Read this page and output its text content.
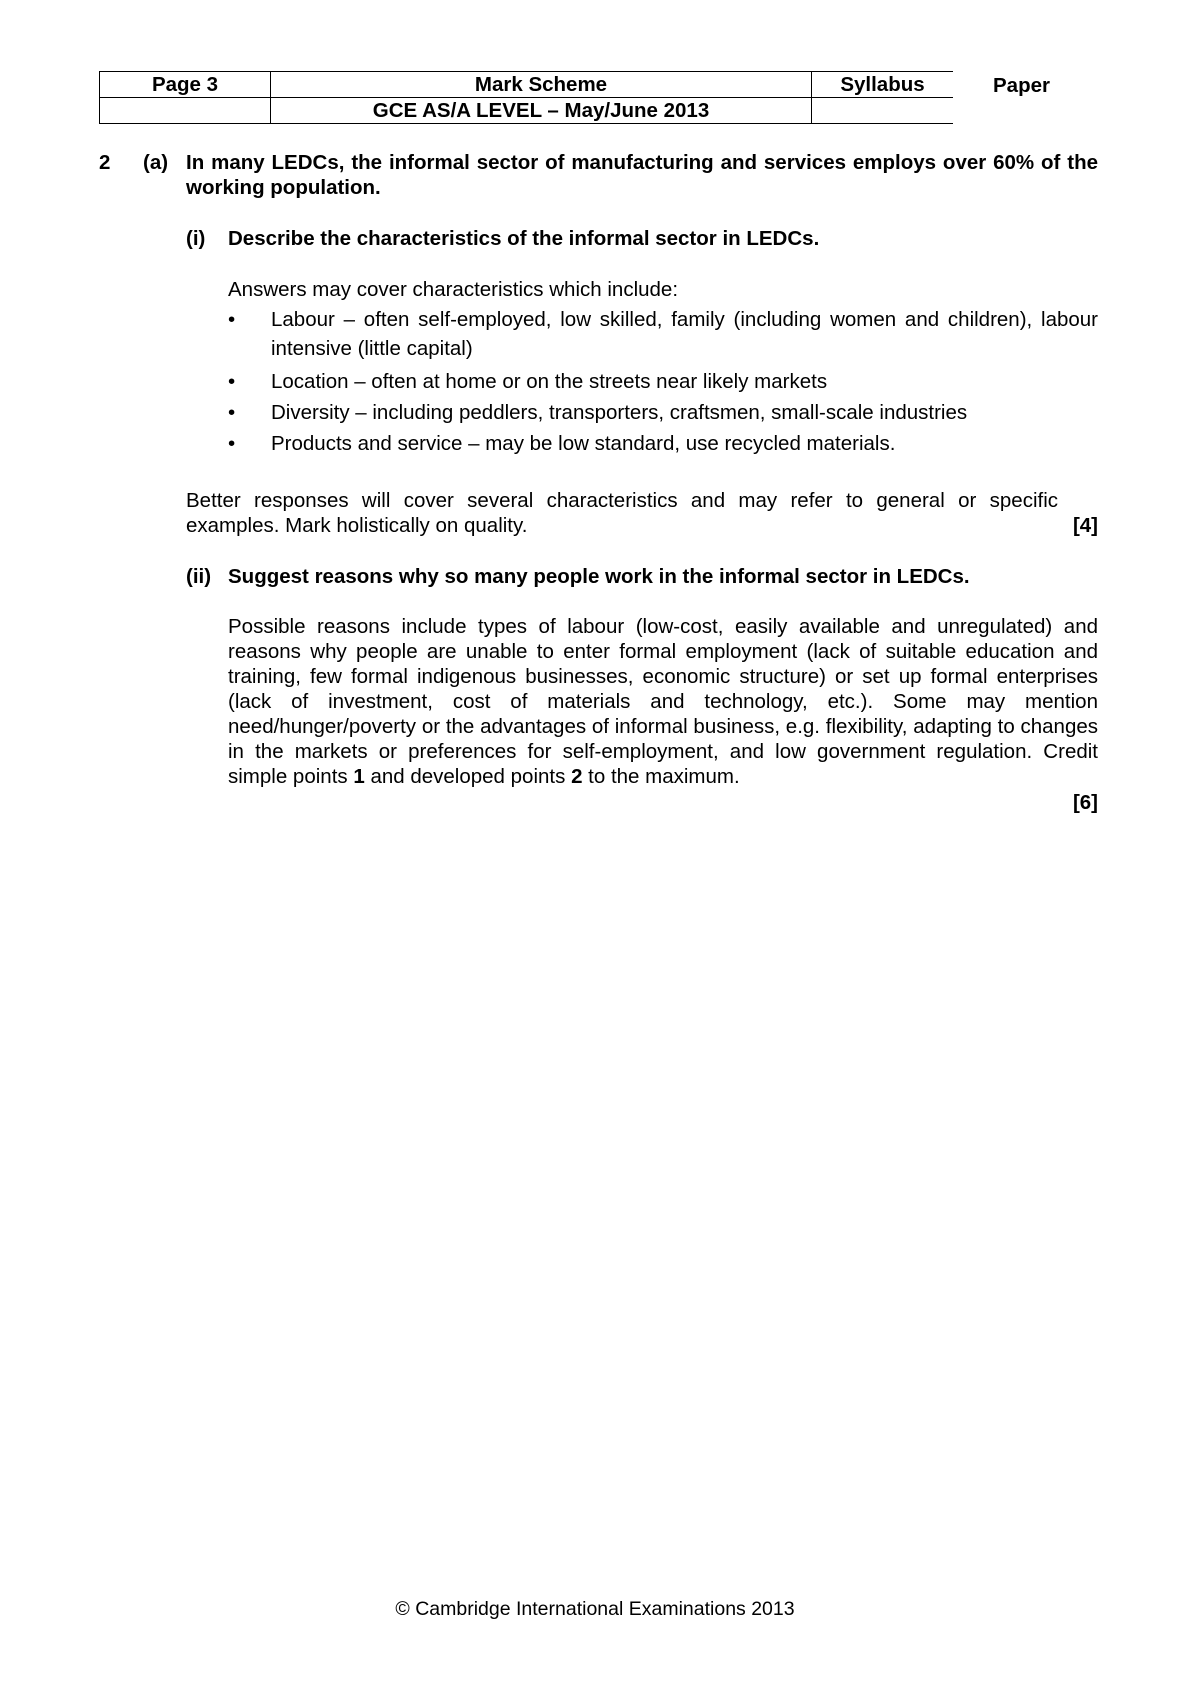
Page 3	Mark Scheme	Syllabus
	GCE AS/A LEVEL – May/June 2013	
Paper
2 (a) In many LEDCs, the informal sector of manufacturing and services employs over 60% of the working population.
(i) Describe the characteristics of the informal sector in LEDCs.
Answers may cover characteristics which include:
• Labour – often self-employed, low skilled, family (including women and children), labour intensive (little capital)
• Location – often at home or on the streets near likely markets
• Diversity – including peddlers, transporters, craftsmen, small-scale industries
• Products and service – may be low standard, use recycled materials.
Better responses will cover several characteristics and may refer to general or specific examples. Mark holistically on quality.	[4]
(ii) Suggest reasons why so many people work in the informal sector in LEDCs.
Possible reasons include types of labour (low-cost, easily available and unregulated) and reasons why people are unable to enter formal employment (lack of suitable education and training, few formal indigenous businesses, economic structure) or set up formal enterprises (lack of investment, cost of materials and technology, etc.). Some may mention need/hunger/poverty or the advantages of informal business, e.g. flexibility, adapting to changes in the markets or preferences for self-employment, and low government regulation. Credit simple points 1 and developed points 2 to the maximum.
[6]
© Cambridge International Examinations 2013
